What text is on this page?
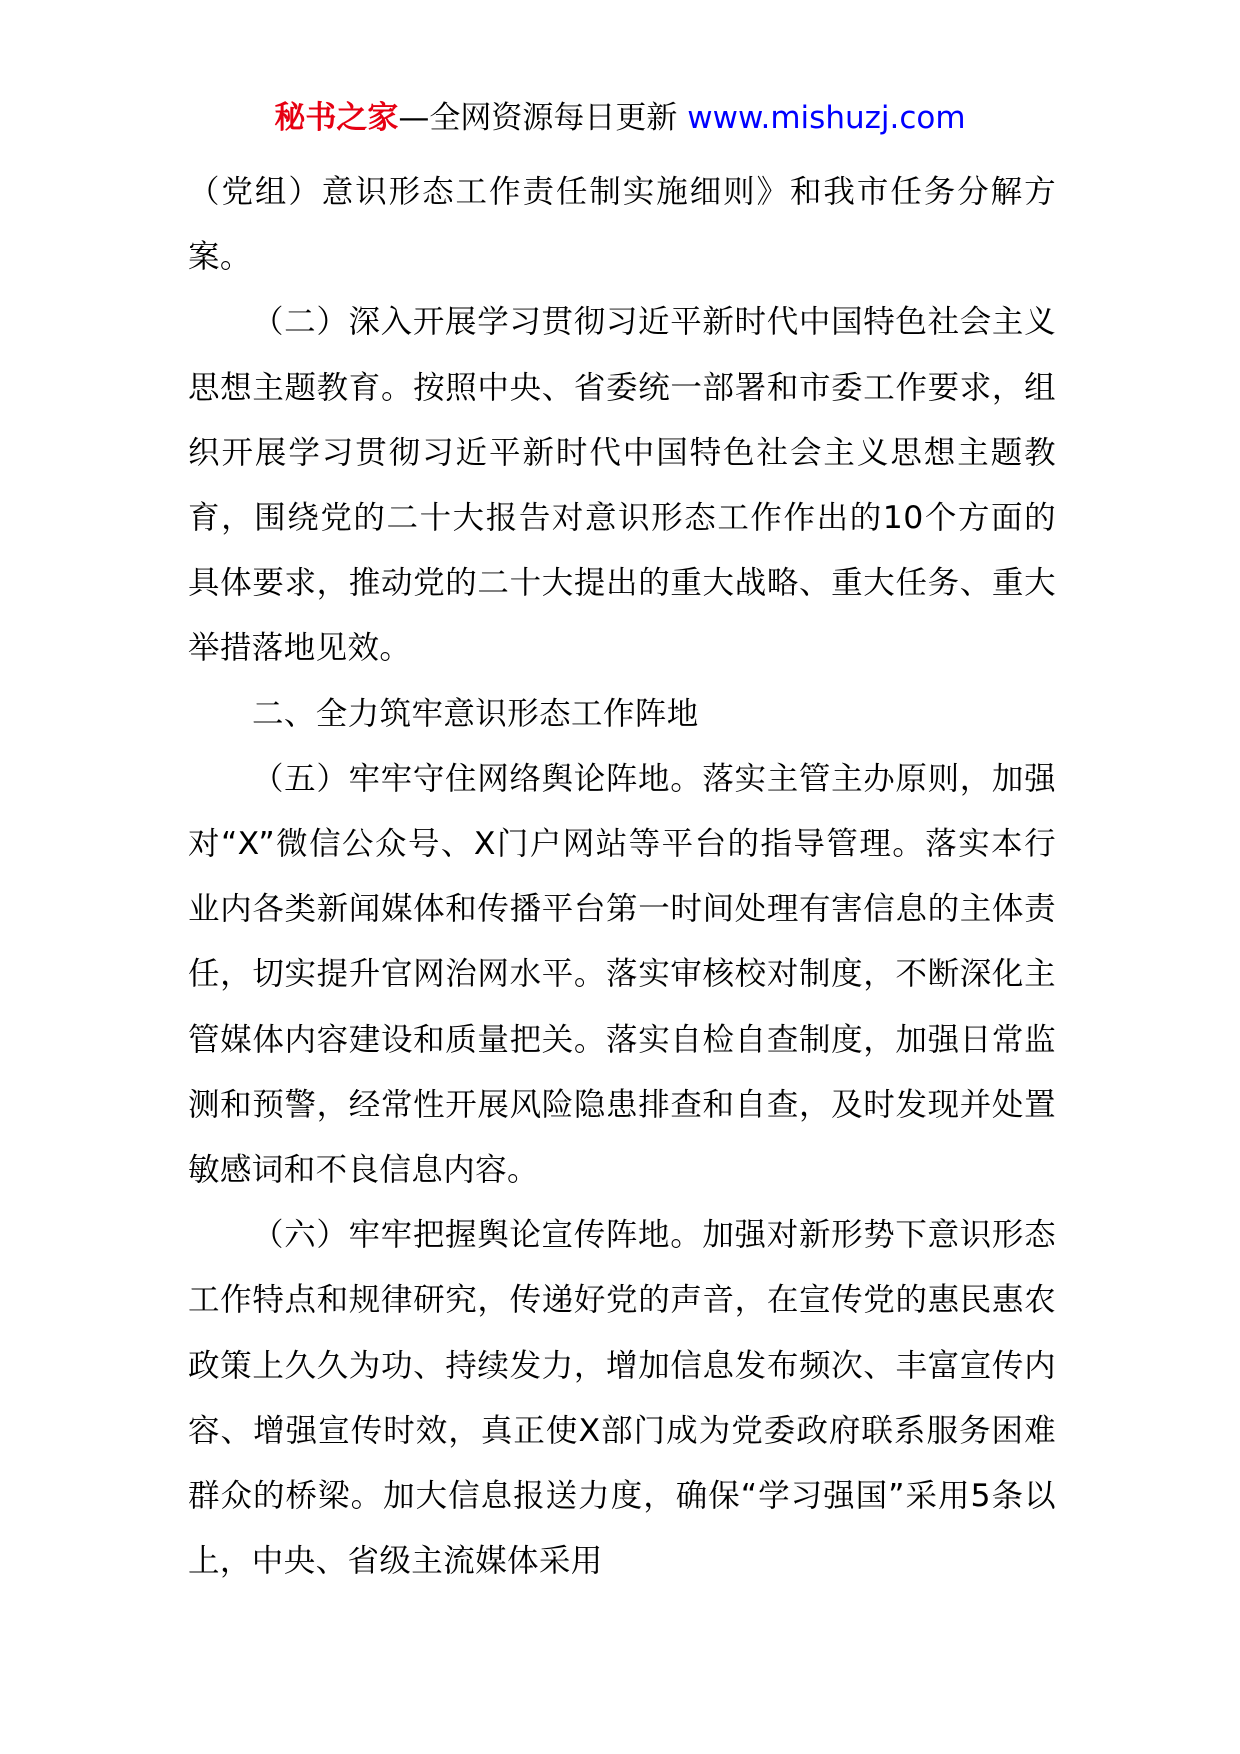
秘书之家—全网资源每日更新 www.mishuzj.com

（党组）意识形态工作责任制实施细则》和我市任务分解方案。

（二）深入开展学习贯彻习近平新时代中国特色社会主义思想主题教育。按照中央、省委统一部署和市委工作要求，组织开展学习贯彻习近平新时代中国特色社会主义思想主题教育，围绕党的二十大报告对意识形态工作作出的10个方面的具体要求，推动党的二十大提出的重大战略、重大任务、重大举措落地见效。

二、全力筑牢意识形态工作阵地

（五）牢牢守住网络舆论阵地。落实主管主办原则，加强对“X”微信公众号、X门户网站等平台的指导管理。落实本行业内各类新闻媒体和传播平台第一时间处理有害信息的主体责任，切实提升官网治网水平。落实审核校对制度，不断深化主管媒体内容建设和质量把关。落实自检自查制度，加强日常监测和预警，经常性开展风险隐患排查和自查，及时发现并处置敏感词和不良信息内容。

（六）牢牢把握舆论宣传阵地。加强对新形势下意识形态工作特点和规律研究，传递好党的声音，在宣传党的惠民惠农政策上久久为功、持续发力，增加信息发布频次、丰富宣传内容、增强宣传时效，真正使X部门成为党委政府联系服务困难群众的桥梁。加大信息报送力度，确保“学习强国”采用5条以上，中央、省级主流媒体采用
